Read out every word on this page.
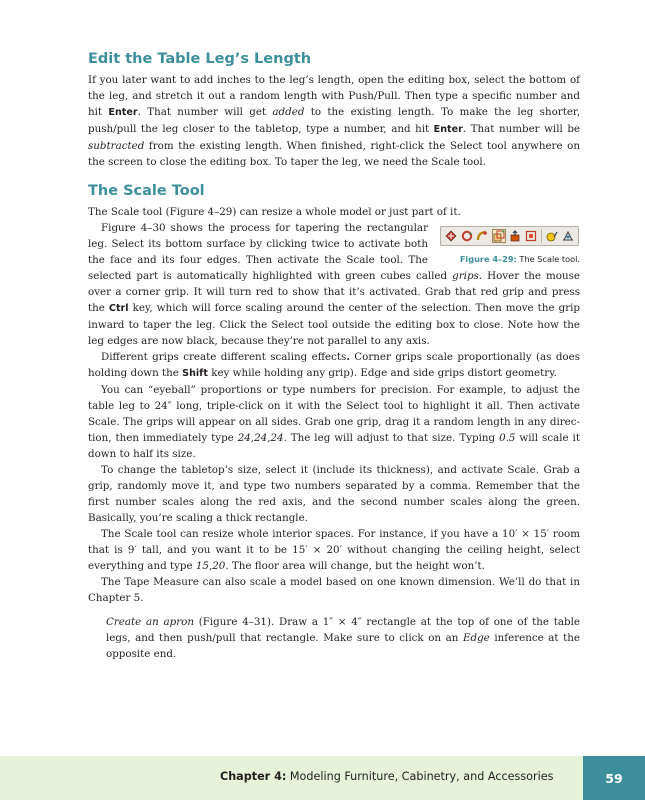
Edit the Table Leg’s Length

If you later want to add inches to the leg’s length, open the editing box, select the bottom of the leg, and stretch it out a random length with Push/Pull. Then type a specific number and hit Enter. That number will get added to the existing length. To make the leg shorter, push/pull the leg closer to the tabletop, type a number, and hit Enter. That number will be subtracted from the existing length. When finished, right-click the Select tool anywhere on the screen to close the editing box. To taper the leg, we need the Scale tool.

The Scale Tool

The Scale tool (Figure 4–29) can resize a whole model or just part of it.

Figure 4–29: The Scale tool.

Figure 4–30 shows the process for tapering the rectangular leg. Select its bottom surface by clicking twice to activate both the face and its four edges. Then activate the Scale tool. The selected part is automatically highlighted with green cubes called grips. Hover the mouse over a corner grip. It will turn red to show that it’s activated. Grab that red grip and press the Ctrl key, which will force scaling around the center of the selection. Then move the grip inward to taper the leg. Click the Select tool outside the editing box to close. Note how the leg edges are now black, because they’re not parallel to any axis.

Different grips create different scaling effects. Corner grips scale proportionally (as does holding down the Shift key while holding any grip). Edge and side grips distort geometry.

You can “eyeball” proportions or type numbers for precision. For example, to adjust the table leg to 24″ long, triple-click on it with the Select tool to highlight it all. Then activate Scale. The grips will appear on all sides. Grab one grip, drag it a random length in any direction, then immediately type 24,24,24. The leg will adjust to that size. Typing 0.5 will scale it down to half its size.

To change the tabletop’s size, select it (include its thickness), and activate Scale. Grab a grip, randomly move it, and type two numbers separated by a comma. Remember that the first number scales along the red axis, and the second number scales along the green. Basically, you’re scaling a thick rectangle.

The Scale tool can resize whole interior spaces. For instance, if you have a 10′ × 15′ room that is 9′ tall, and you want it to be 15′ × 20′ without changing the ceiling height, select everything and type 15,20. The floor area will change, but the height won’t.

The Tape Measure can also scale a model based on one known dimension. We’ll do that in Chapter 5.

Create an apron (Figure 4–31). Draw a 1″ × 4″ rectangle at the top of one of the table legs, and then push/pull that rectangle. Make sure to click on an Edge inference at the opposite end.

Chapter 4: Modeling Furniture, Cabinetry, and Accessories	59
